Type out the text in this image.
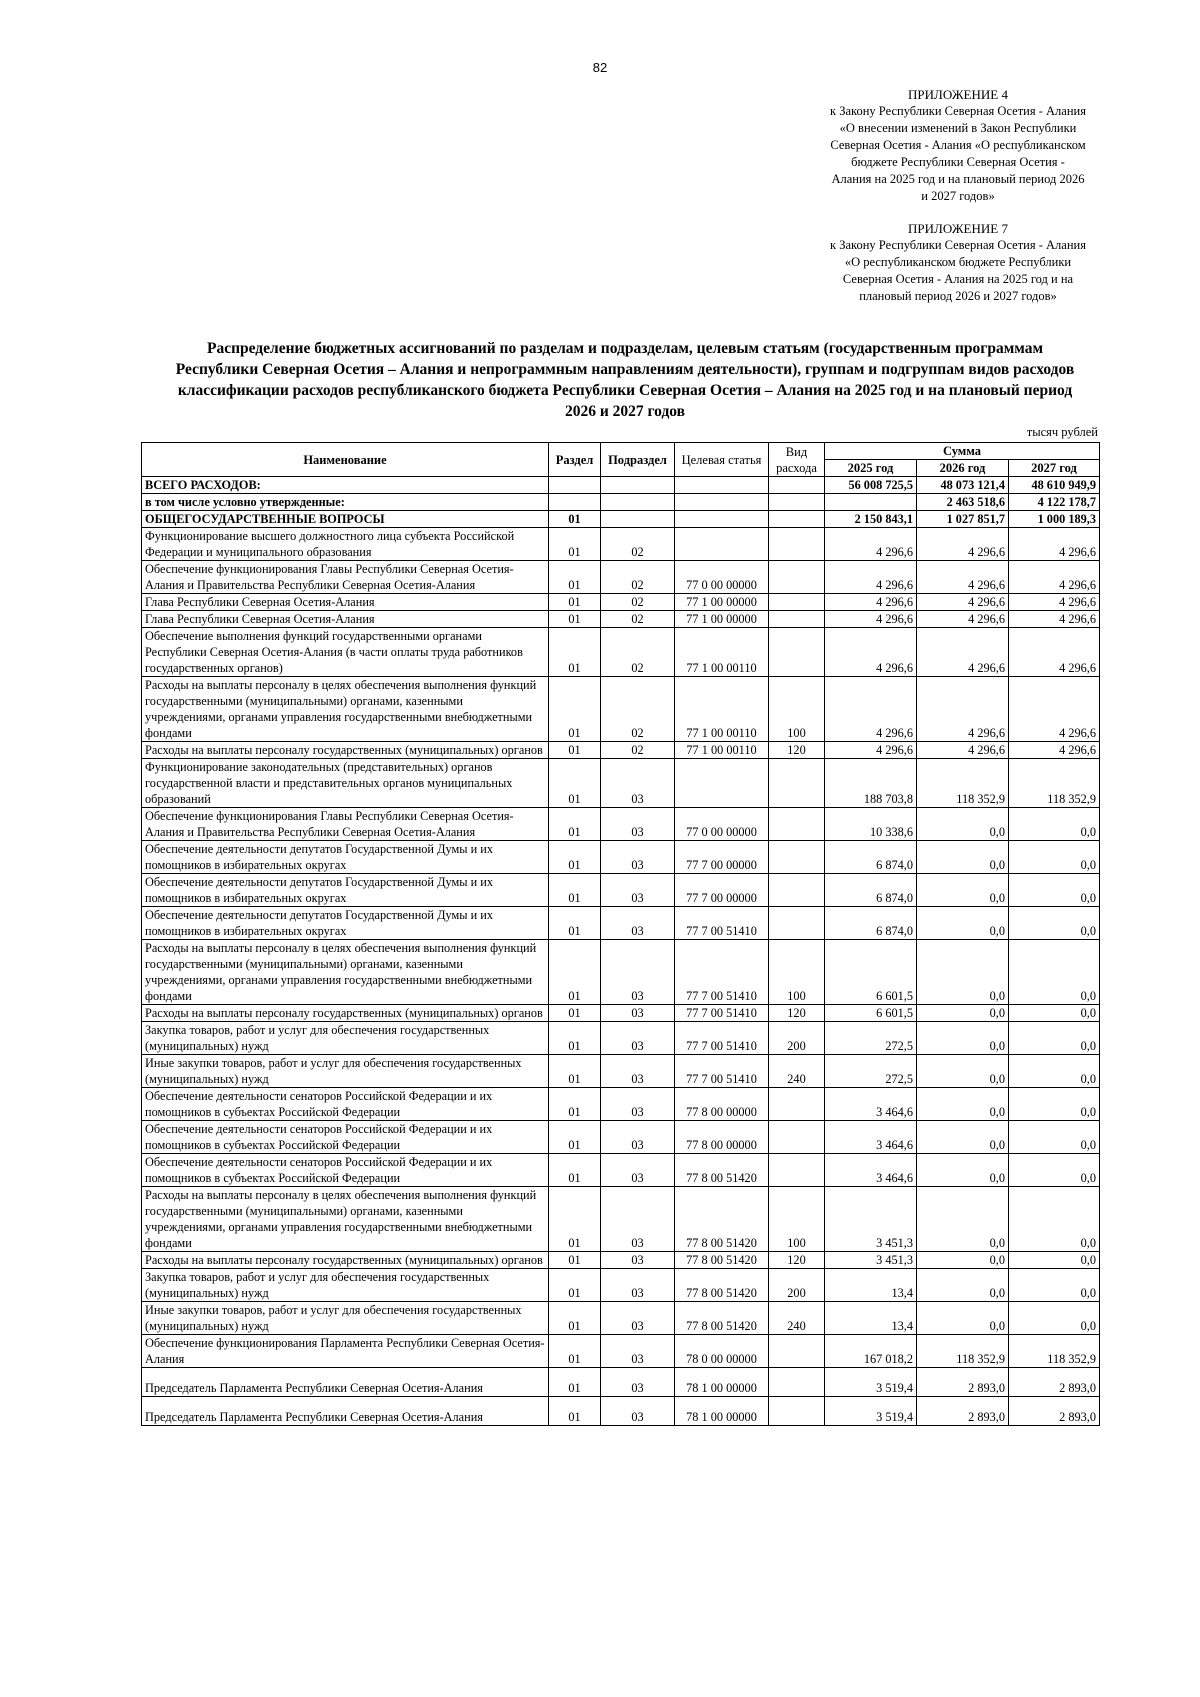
82
ПРИЛОЖЕНИЕ 4
к Закону Республики Северная Осетия - Алания «О внесении изменений в Закон Республики Северная Осетия - Алания «О республиканском бюджете Республики Северная Осетия - Алания на 2025 год и на плановый период 2026 и 2027 годов»
ПРИЛОЖЕНИЕ 7
к Закону Республики Северная Осетия - Алания «О республиканском бюджете Республики Северная Осетия - Алания на 2025 год и на плановый период 2026 и 2027 годов»
Распределение бюджетных ассигнований по разделам и подразделам, целевым статьям (государственным программам Республики Северная Осетия – Алания и непрограммным направлениям деятельности), группам и подгруппам видов расходов классификации расходов республиканского бюджета Республики Северная Осетия – Алания на 2025 год и на плановый период 2026 и 2027 годов
тысяч рублей
Наименование	Раздел	Подраздел	Целевая статья	Вид расхода	Сумма		
					2025 год	2026 год	2027 год
ВСЕГО РАСХОДОВ:					56 008 725,5	48 073 121,4	48 610 949,9
в том числе условно утвержденные:						2 463 518,6	4 122 178,7
ОБЩЕГОСУДАРСТВЕННЫЕ ВОПРОСЫ	01				2 150 843,1	1 027 851,7	1 000 189,3
Функционирование высшего должностного лица субъекта Российской Федерации и муниципального образования	01	02			4 296,6	4 296,6	4 296,6
Обеспечение функционирования Главы Республики Северная Осетия-Алания и Правительства Республики Северная Осетия-Алания	01	02	77 0 00 00000		4 296,6	4 296,6	4 296,6
Глава Республики Северная Осетия-Алания	01	02	77 1 00 00000		4 296,6	4 296,6	4 296,6
Глава Республики Северная Осетия-Алания	01	02	77 1 00 00000		4 296,6	4 296,6	4 296,6
Обеспечение выполнения функций государственными органами Республики Северная Осетия-Алания (в части оплаты труда работников государственных органов)	01	02	77 1 00 00110		4 296,6	4 296,6	4 296,6
Расходы на выплаты персоналу в целях обеспечения выполнения функций государственными (муниципальными) органами, казенными учреждениями, органами управления государственными внебюджетными фондами	01	02	77 1 00 00110	100	4 296,6	4 296,6	4 296,6
Расходы на выплаты персоналу государственных (муниципальных) органов	01	02	77 1 00 00110	120	4 296,6	4 296,6	4 296,6
Функционирование законодательных (представительных) органов государственной власти и представительных органов муниципальных образований	01	03			188 703,8	118 352,9	118 352,9
Обеспечение функционирования Главы Республики Северная Осетия-Алания и Правительства Республики Северная Осетия-Алания	01	03	77 0 00 00000		10 338,6	0,0	0,0
Обеспечение деятельности депутатов Государственной Думы и их помощников в избирательных округах	01	03	77 7 00 00000		6 874,0	0,0	0,0
Обеспечение деятельности депутатов Государственной Думы и их помощников в избирательных округах	01	03	77 7 00 00000		6 874,0	0,0	0,0
Обеспечение деятельности депутатов Государственной Думы и их помощников в избирательных округах	01	03	77 7 00 51410		6 874,0	0,0	0,0
Расходы на выплаты персоналу в целях обеспечения выполнения функций государственными (муниципальными) органами, казенными учреждениями, органами управления государственными внебюджетными фондами	01	03	77 7 00 51410	100	6 601,5	0,0	0,0
Расходы на выплаты персоналу государственных (муниципальных) органов	01	03	77 7 00 51410	120	6 601,5	0,0	0,0
Закупка товаров, работ и услуг для обеспечения государственных (муниципальных) нужд	01	03	77 7 00 51410	200	272,5	0,0	0,0
Иные закупки товаров, работ и услуг для обеспечения государственных (муниципальных) нужд	01	03	77 7 00 51410	240	272,5	0,0	0,0
Обеспечение деятельности сенаторов Российской Федерации и их помощников в субъектах Российской Федерации	01	03	77 8 00 00000		3 464,6	0,0	0,0
Обеспечение деятельности сенаторов Российской Федерации и их помощников в субъектах Российской Федерации	01	03	77 8 00 00000		3 464,6	0,0	0,0
Обеспечение деятельности сенаторов Российской Федерации и их помощников в субъектах Российской Федерации	01	03	77 8 00 51420		3 464,6	0,0	0,0
Расходы на выплаты персоналу в целях обеспечения выполнения функций государственными (муниципальными) органами, казенными учреждениями, органами управления государственными внебюджетными фондами	01	03	77 8 00 51420	100	3 451,3	0,0	0,0
Расходы на выплаты персоналу государственных (муниципальных) органов	01	03	77 8 00 51420	120	3 451,3	0,0	0,0
Закупка товаров, работ и услуг для обеспечения государственных (муниципальных) нужд	01	03	77 8 00 51420	200	13,4	0,0	0,0
Иные закупки товаров, работ и услуг для обеспечения государственных (муниципальных) нужд	01	03	77 8 00 51420	240	13,4	0,0	0,0
Обеспечение функционирования Парламента Республики Северная Осетия-Алания	01	03	78 0 00 00000		167 018,2	118 352,9	118 352,9
Председатель Парламента Республики Северная Осетия-Алания	01	03	78 1 00 00000		3 519,4	2 893,0	2 893,0
Председатель Парламента Республики Северная Осетия-Алания	01	03	78 1 00 00000		3 519,4	2 893,0	2 893,0
